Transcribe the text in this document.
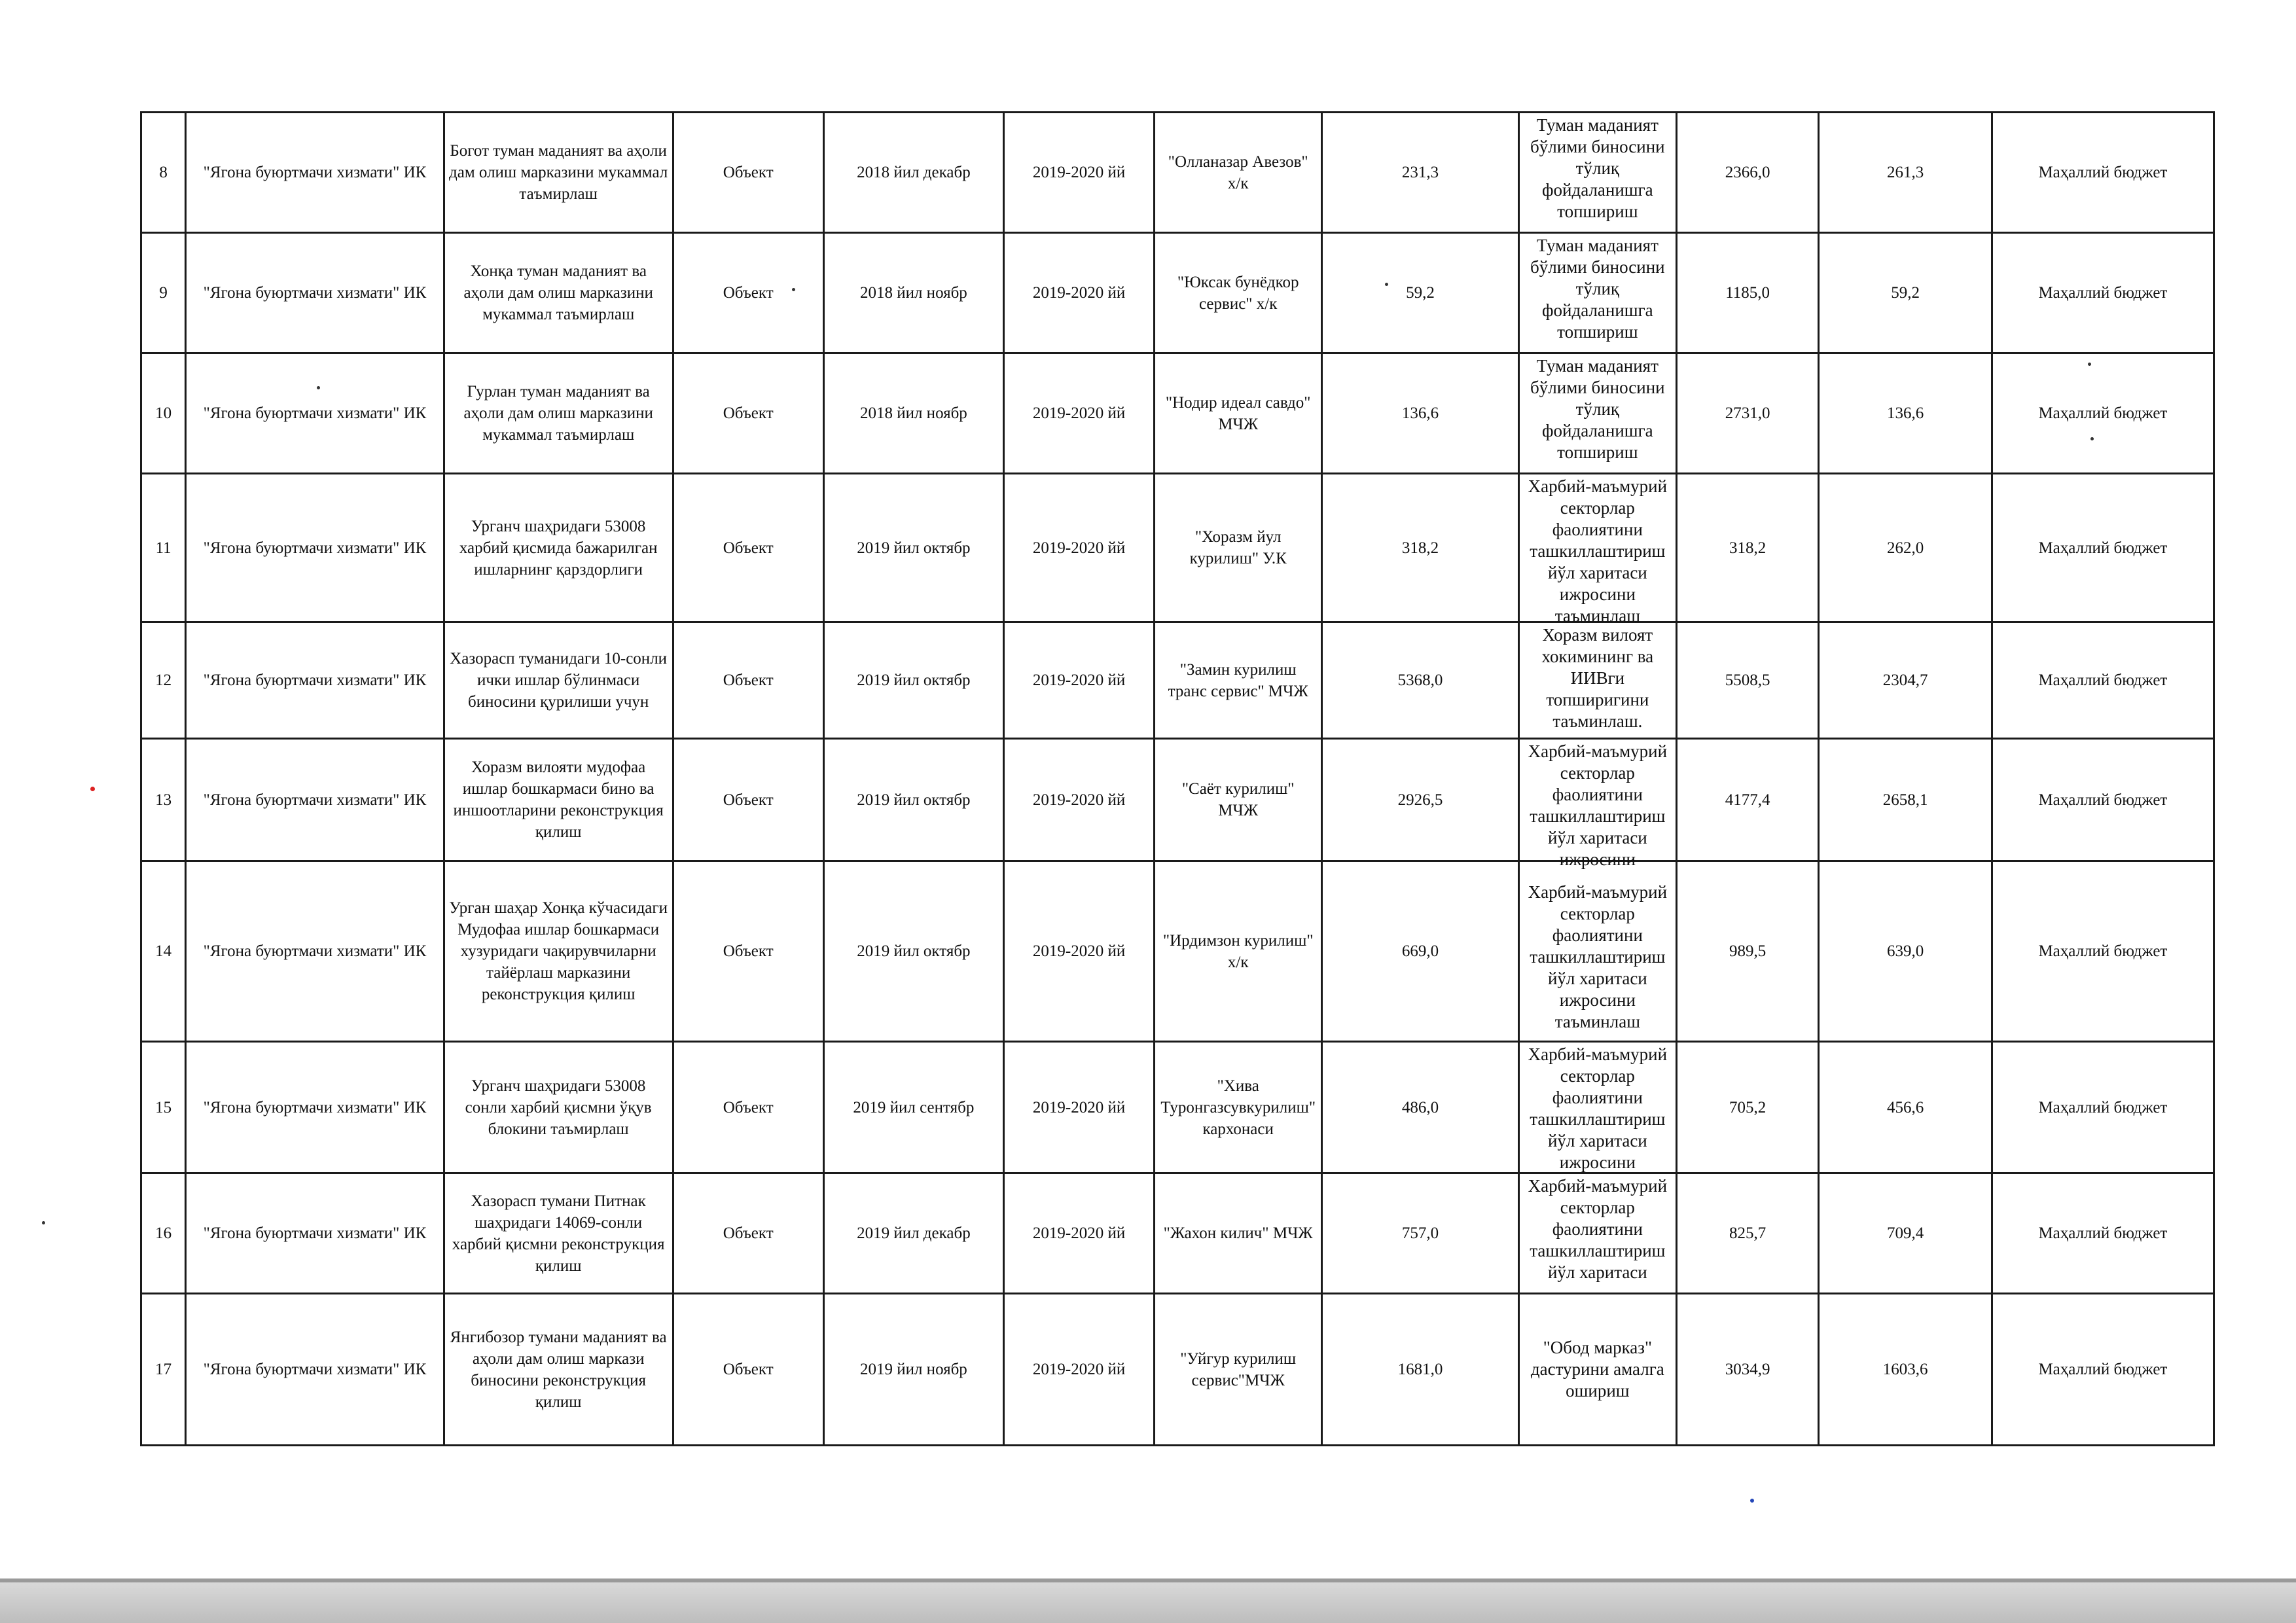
8	"Ягона буюртмачи хизмати" ИК	Богот туман маданият ва аҳоли дам олиш марказини мукаммал таъмирлаш	Объект	2018 йил декабр	2019-2020 йй	"Олланазар Авезов" х/к	231,3	Туман маданият бўлими биносини тўлиқ фойдаланишга топшириш	2366,0	261,3	Маҳаллий бюджет
9	"Ягона буюртмачи хизмати" ИК	Хонқа туман маданият ва аҳоли дам олиш марказини мукаммал таъмирлаш	Объект	2018 йил ноябр	2019-2020 йй	"Юксак бунёдкор сервис" х/к	59,2	Туман маданият бўлими биносини тўлиқ фойдаланишга топшириш	1185,0	59,2	Маҳаллий бюджет
10	"Ягона буюртмачи хизмати" ИК	Гурлан туман маданият ва аҳоли дам олиш марказини мукаммал таъмирлаш	Объект	2018 йил ноябр	2019-2020 йй	"Нодир идеал савдо" МЧЖ	136,6	Туман маданият бўлими биносини тўлиқ фойдаланишга топшириш	2731,0	136,6	Маҳаллий бюджет
11	"Ягона буюртмачи хизмати" ИК	Урганч шаҳридаги 53008 харбий қисмида бажарилган ишларнинг қарздорлиги	Объект	2019 йил октябр	2019-2020 йй	"Хоразм йул курилиш" У.К	318,2	Харбий-маъмурий секторлар фаолиятини ташкиллаштириш йўл харитаси ижросини таъминлаш	318,2	262,0	Маҳаллий бюджет
12	"Ягона буюртмачи хизмати" ИК	Хазорасп туманидаги 10-сонли ички ишлар бўлинмаси биносини қурилиши учун	Объект	2019 йил октябр	2019-2020 йй	"Замин курилиш транс сервис" МЧЖ	5368,0	Хоразм вилоят хокимининг ва ИИВги топширигини таъминлаш.	5508,5	2304,7	Маҳаллий бюджет
13	"Ягона буюртмачи хизмати" ИК	Хоразм вилояти мудофаа ишлар бошкармаси бино ва иншоотларини реконструкция қилиш	Объект	2019 йил октябр	2019-2020 йй	"Саёт курилиш" МЧЖ	2926,5	Харбий-маъмурий секторлар фаолиятини ташкиллаштириш йўл харитаси ижросини	4177,4	2658,1	Маҳаллий бюджет
14	"Ягона буюртмачи хизмати" ИК	Урган шаҳар Хонқа кўчасидаги Мудофаа ишлар бошкармаси хузуридаги чақирувчиларни тайёрлаш марказини реконструкция қилиш	Объект	2019 йил октябр	2019-2020 йй	"Ирдимзон курилиш" х/к	669,0	Харбий-маъмурий секторлар фаолиятини ташкиллаштириш йўл харитаси ижросини таъминлаш	989,5	639,0	Маҳаллий бюджет
15	"Ягона буюртмачи хизмати" ИК	Урганч шаҳридаги 53008 сонли харбий қисмни ўқув блокини таъмирлаш	Объект	2019 йил сентябр	2019-2020 йй	"Хива Туронгазсувкурилиш" кархонаси	486,0	Харбий-маъмурий секторлар фаолиятини ташкиллаштириш йўл харитаси ижросини	705,2	456,6	Маҳаллий бюджет
16	"Ягона буюртмачи хизмати" ИК	Хазорасп тумани Питнак шаҳридаги 14069-сонли харбий қисмни реконструкция қилиш	Объект	2019 йил декабр	2019-2020 йй	"Жахон килич" МЧЖ	757,0	Харбий-маъмурий секторлар фаолиятини ташкиллаштириш йўл харитаси	825,7	709,4	Маҳаллий бюджет
17	"Ягона буюртмачи хизмати" ИК	Янгибозор тумани маданият ва аҳоли дам олиш маркази биносини реконструкция қилиш	Объект	2019 йил ноябр	2019-2020 йй	"Уйгур курилиш сервис"МЧЖ	1681,0	"Обод марказ" дастурини амалга ошириш	3034,9	1603,6	Маҳаллий бюджет
